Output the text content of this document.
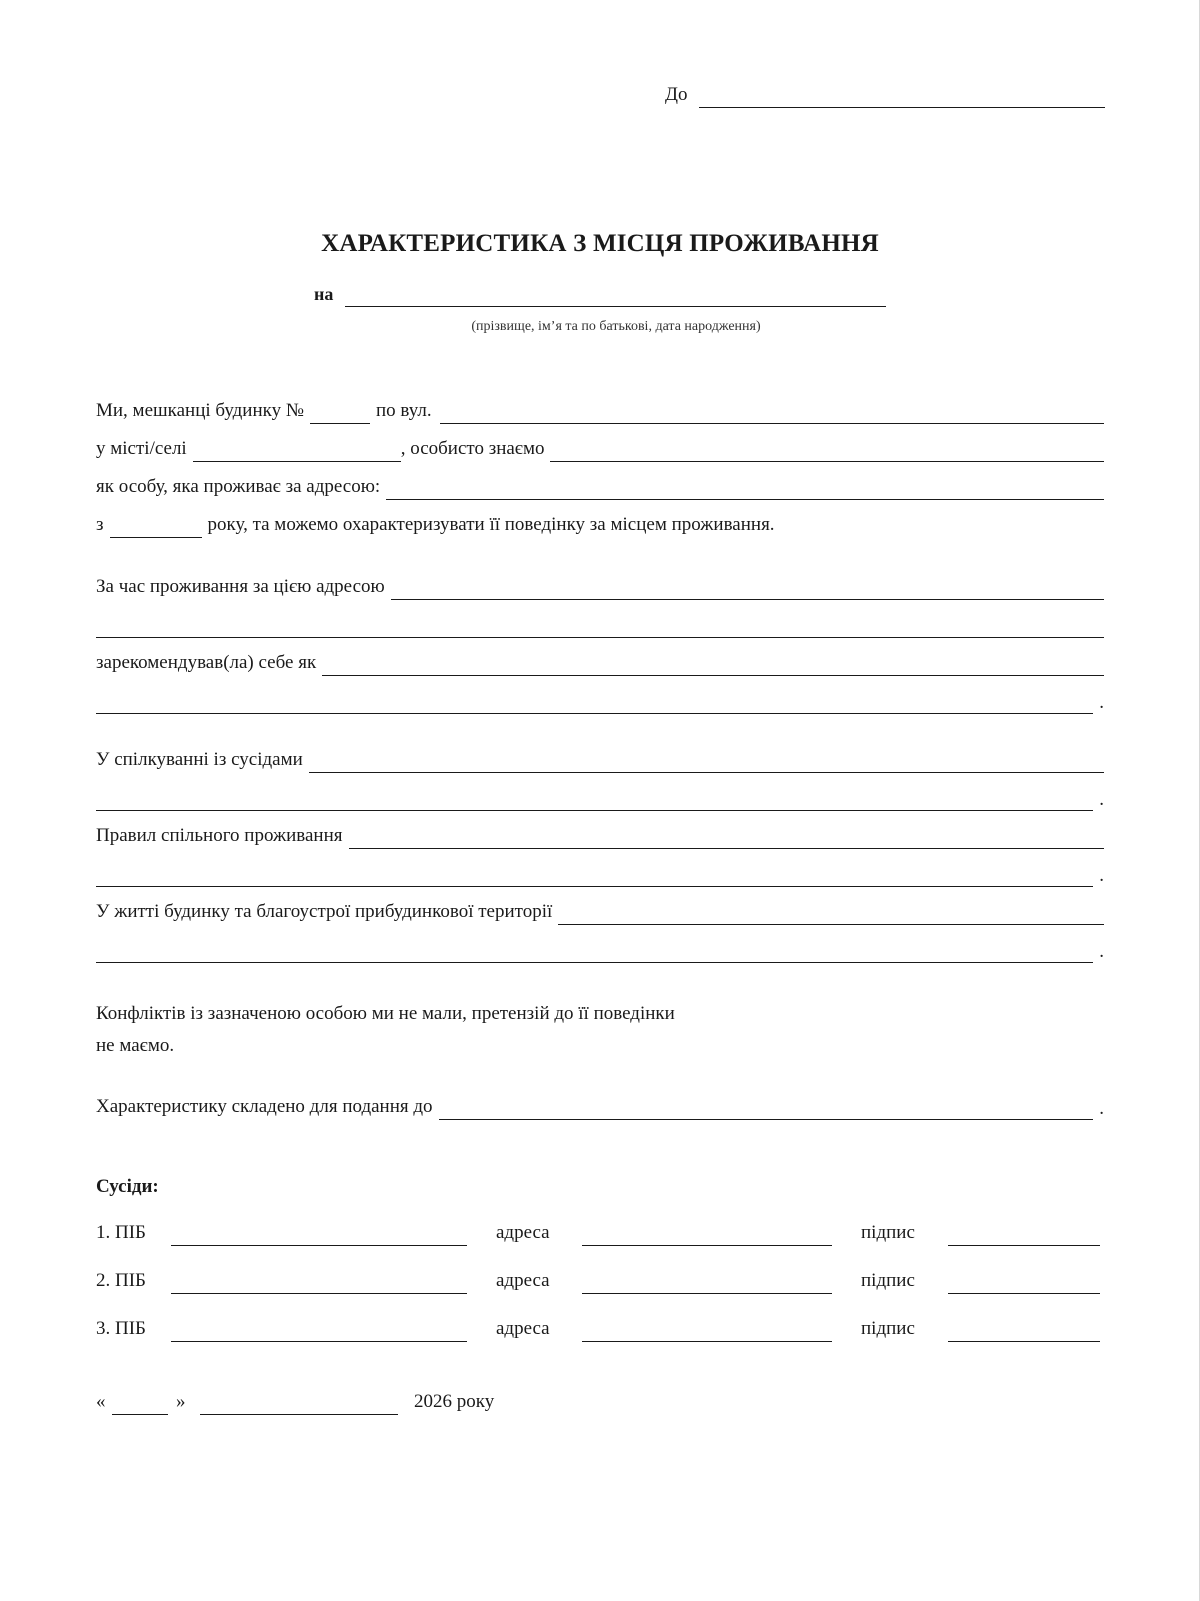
До
ХАРАКТЕРИСТИКА З МІСЦЯ ПРОЖИВАННЯ
на
(прізвище, ім’я та по батькові, дата народження)
Ми, мешканці будинку №	по вул.
у місті/селі	, особисто знаємо
як особу, яка проживає за адресою:
з	року, та можемо охарактеризувати її поведінку за місцем проживання.
За час проживання за цією адресою
зарекомендував(ла) себе як
.
У спілкуванні із сусідами
.
Правил спільного проживання
.
У житті будинку та благоустрої прибудинкової території
.
Конфліктів із зазначеною особою ми не мали, претензій до її поведінки
не маємо.
Характеристику складено для подання до	.
Сусіди:
1. ПІБ	адреса	підпис
2. ПІБ	адреса	підпис
3. ПІБ	адреса	підпис
«	»	2026 року
